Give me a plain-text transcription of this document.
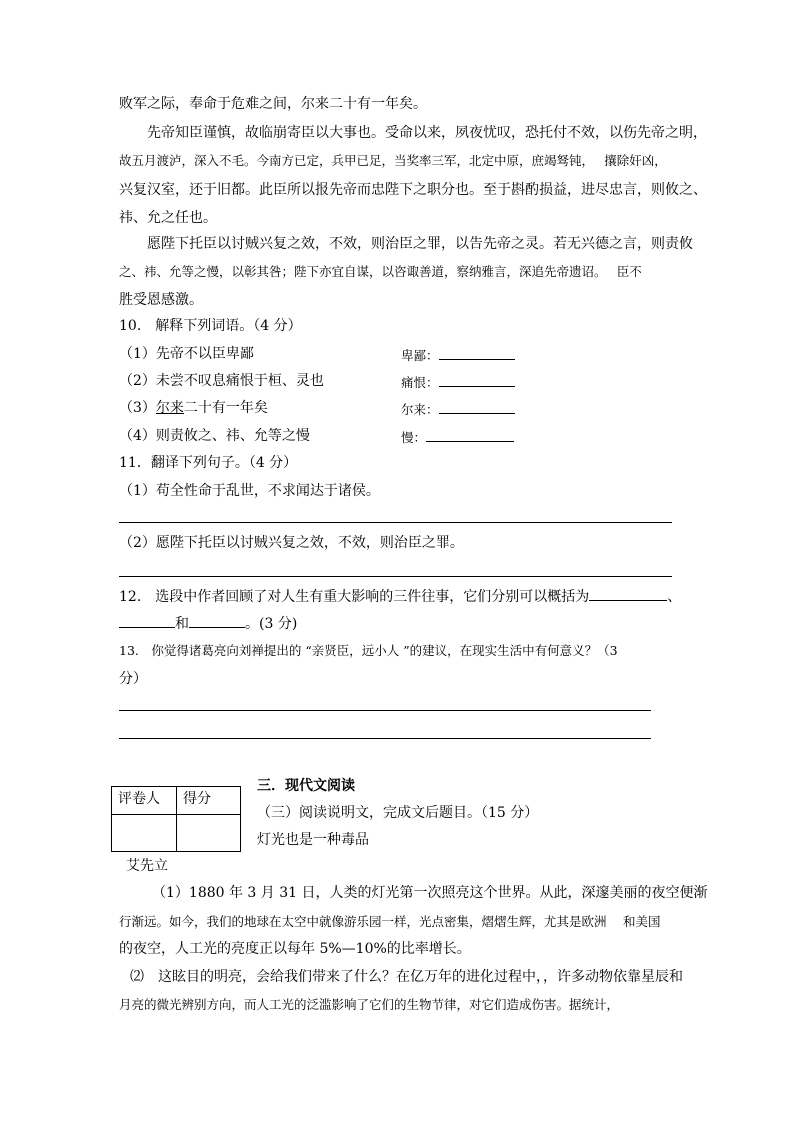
败军之际，奉命于危难之间，尔来二十有一年矣。
先帝知臣谨慎，故临崩寄臣以大事也。受命以来，夙夜忧叹，恐托付不效，以伤先帝之明，
故五月渡泸，深入不毛。今南方已定，兵甲已足，当奖率三军，北定中原，庶竭驽钝，　 攘除奸凶，
兴复汉室，还于旧都。此臣所以报先帝而忠陛下之职分也。至于斟酌损益，进尽忠言，则攸之、
祎、允之任也。
愿陛下托臣以讨贼兴复之效，不效，则治臣之罪，以告先帝之灵。若无兴德之言，则责攸
之、祎、允等之慢，以彰其咎；陛下亦宜自谋，以咨诹善道，察纳雅言，深追先帝遗诏。　 臣不
胜受恩感激。
10.　解释下列词语。（4 分）
（1）先帝不以臣卑鄙	卑鄙：
（2）未尝不叹息痛恨于桓、灵也	痛恨：
（3）尔来二十有一年矣	尔来：
（4）则责攸之、祎、允等之慢	慢：
11．翻译下列句子。（4 分）
（1）苟全性命于乱世，不求闻达于诸侯。
（2）愿陛下托臣以讨贼兴复之效，不效，则治臣之罪。
12.　选段中作者回顾了对人生有重大影响的三件往事，它们分别可以概括为	、
和	。(3 分)
13.　你觉得诸葛亮向刘禅提出的 “亲贤臣，远小人 ”的建议，在现实生活中有何意义？（3
分）
三．现代文阅读
评卷人	得分

（三）阅读说明文，完成文后题目。（15 分）
灯光也是一种毒品
艾先立
（1）1880 年 3 月 31 日，人类的灯光第一次照亮这个世界。从此，深邃美丽的夜空便渐
行渐远。如今，我们的地球在太空中就像游乐园一样，光点密集，熠熠生辉，尤其是欧洲　 和美国
的夜空，人工光的亮度正以每年 5%—10%的比率增长。
⑵　这眩目的明亮，会给我们带来了什么？在亿万年的进化过程中，，许多动物依靠星辰和
月亮的微光辨别方向，而人工光的泛滥影响了它们的生物节律，对它们造成伤害。据统计，
